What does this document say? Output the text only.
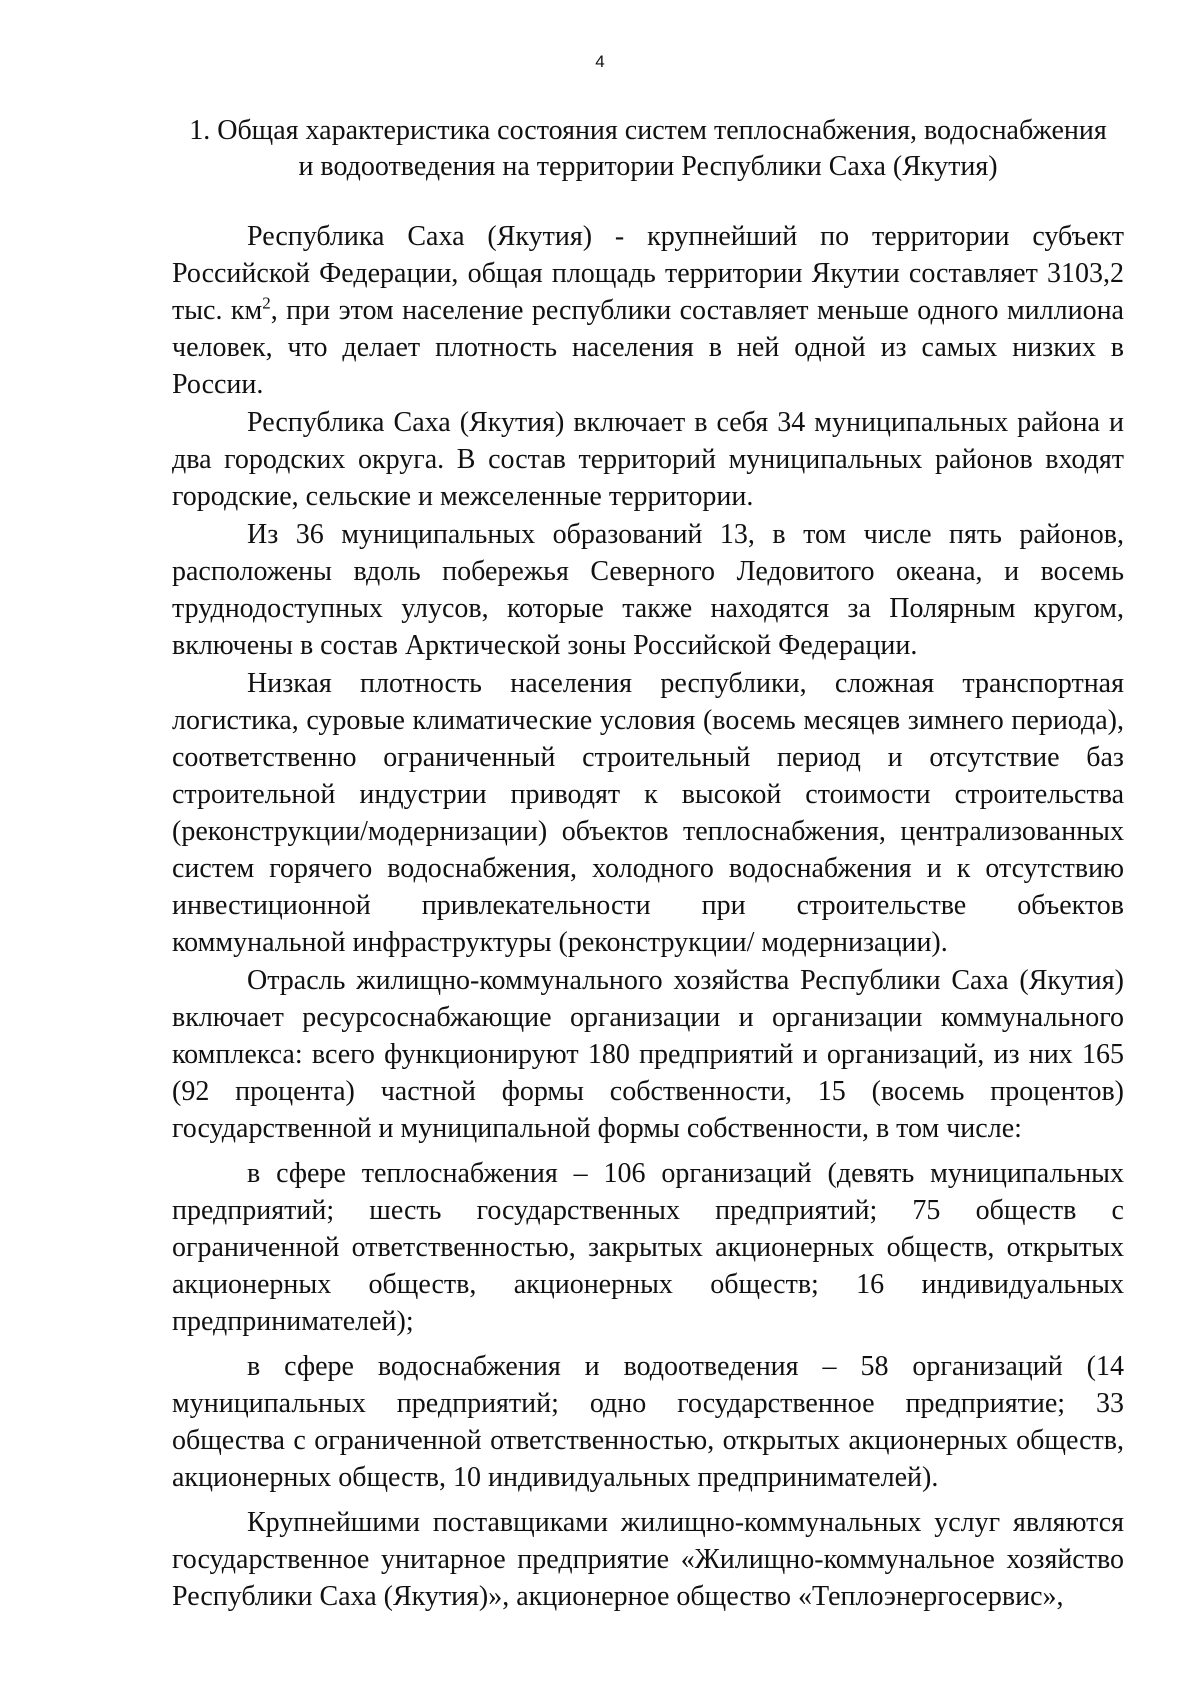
4
1. Общая характеристика состояния систем теплоснабжения, водоснабжения
и водоотведения на территории Республики Саха (Якутия)

Республика Саха (Якутия) - крупнейший по территории субъект Российской Федерации, общая площадь территории Якутии составляет 3103,2 тыс. $км^2$, при этом население республики составляет меньше одного миллиона человек, что делает плотность населения в ней одной из самых низких в России.

Республика Саха (Якутия) включает в себя 34 муниципальных района и два городских округа. В состав территорий муниципальных районов входят городские, сельские и межселенные территории.

Из 36 муниципальных образований 13, в том числе пять районов, расположены вдоль побережья Северного Ледовитого океана, и восемь труднодоступных улусов, которые также находятся за Полярным кругом, включены в состав Арктической зоны Российской Федерации.

Низкая плотность населения республики, сложная транспортная логистика, суровые климатические условия (восемь месяцев зимнего периода), соответственно ограниченный строительный период и отсутствие баз строительной индустрии приводят к высокой стоимости строительства (реконструкции/модернизации) объектов теплоснабжения, централизованных систем горячего водоснабжения, холодного водоснабжения и к отсутствию инвестиционной привлекательности при строительстве объектов коммунальной инфраструктуры (реконструкции/ модернизации).

Отрасль жилищно-коммунального хозяйства Республики Саха (Якутия) включает ресурсоснабжающие организации и организации коммунального комплекса: всего функционируют 180 предприятий и организаций, из них 165 (92 процента) частной формы собственности, 15 (восемь процентов) государственной и муниципальной формы собственности, в том числе:

в сфере теплоснабжения – 106 организаций (девять муниципальных предприятий; шесть государственных предприятий; 75 обществ с ограниченной ответственностью, закрытых акционерных обществ, открытых акционерных обществ, акционерных обществ; 16 индивидуальных предпринимателей);

в сфере водоснабжения и водоотведения – 58 организаций (14 муниципальных предприятий; одно государственное предприятие; 33 общества с ограниченной ответственностью, открытых акционерных обществ, акционерных обществ, 10 индивидуальных предпринимателей).

Крупнейшими поставщиками жилищно-коммунальных услуг являются государственное унитарное предприятие «Жилищно-коммунальное хозяйство Республики Саха (Якутия)», акционерное общество «Теплоэнергосервис»,
